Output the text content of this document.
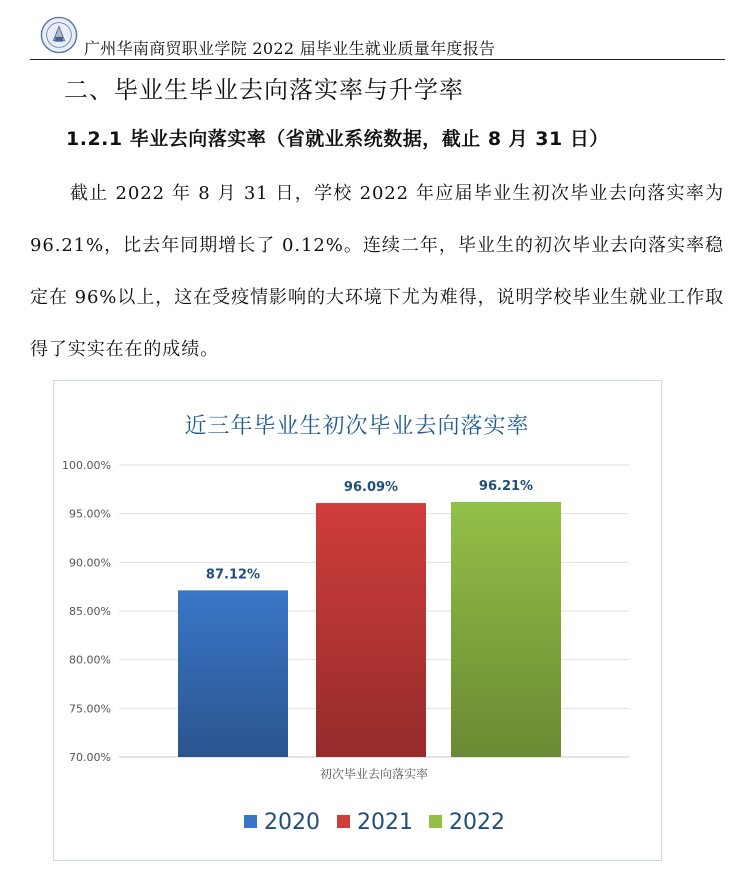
广州华南商贸职业学院 2022 届毕业生就业质量年度报告
二、毕业生毕业去向落实率与升学率
1.2.1 毕业去向落实率（省就业系统数据，截止 8 月 31 日）
截止 2022 年 8 月 31 日，学校 2022 年应届毕业生初次毕业去向落实率为 96.21%，比去年同期增长了 0.12%。连续二年，毕业生的初次毕业去向落实率稳定在 96%以上，这在受疫情影响的大环境下尤为难得，说明学校毕业生就业工作取得了实实在在的成绩。
近三年毕业生初次毕业去向落实率
70.00%
75.00%
80.00%
85.00%
90.00%
95.00%
100.00%
87.12%
96.09%	96.21%
初次毕业去向落实率
2020 2021 2022
